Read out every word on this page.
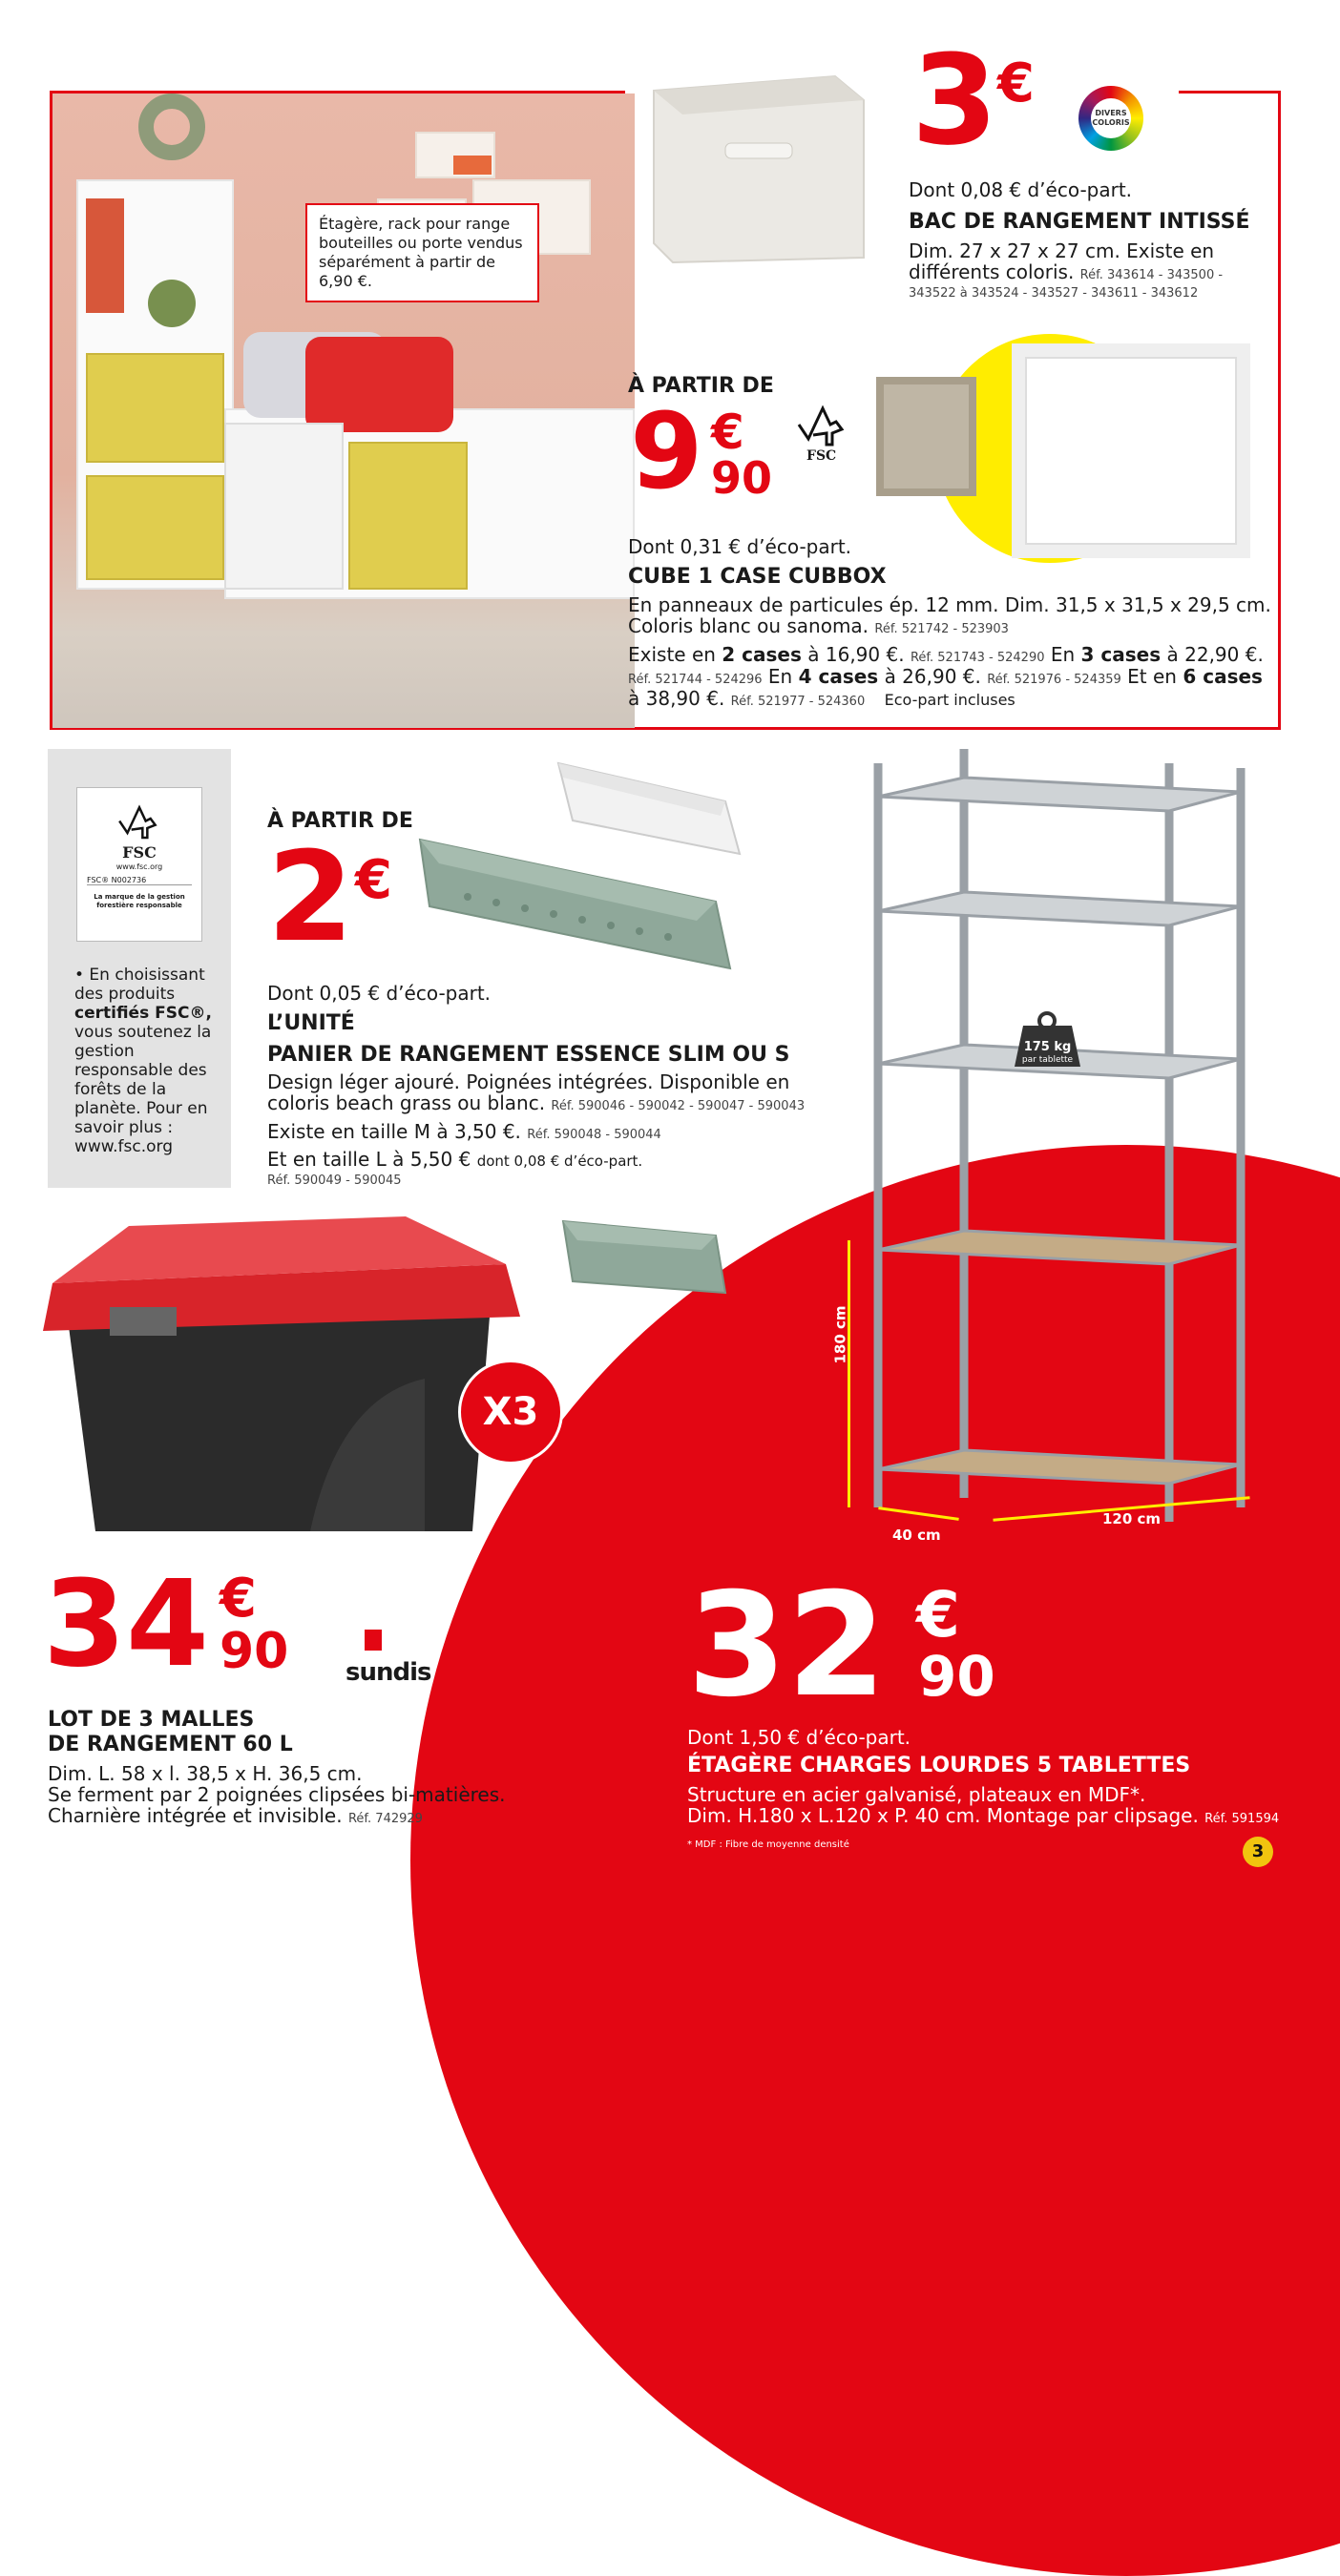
Étagère, rack pour range bouteilles ou porte vendus séparément à partir de 6,90 €.
3 €	DIVERS COLORIS
Dont 0,08 € d’éco-part.
BAC DE RANGEMENT INTISSÉ
Dim. 27 x 27 x 27 cm. Existe en
différents coloris. Réf. 343614 - 343500 -
343522 à 343524 - 343527 - 343611 - 343612
À PARTIR DE
9 €
90	FSC
Dont 0,31 € d’éco-part.
CUBE 1 CASE CUBBOX
En panneaux de particules ép. 12 mm. Dim. 31,5 x 31,5 x 29,5 cm.
Coloris blanc ou sanoma. Réf. 521742 - 523903
Existe en 2 cases à 16,90 €. Réf. 521743 - 524290 En 3 cases à 22,90 €.
Réf. 521744 - 524296 En 4 cases à 26,90 €. Réf. 521976 - 524359 Et en 6 cases
à 38,90 €. Réf. 521977 - 524360 Eco-part incluses
FSC
www.fsc.org
FSC® N002736
La marque de la gestion forestière responsable
• En choisissant des produits certifiés FSC®, vous soutenez la gestion responsable des forêts de la planète. Pour en savoir plus : www.fsc.org
À PARTIR DE
2 €
Dont 0,05 € d’éco-part.
L’UNITÉ
PANIER DE RANGEMENT ESSENCE SLIM OU S
Design léger ajouré. Poignées intégrées. Disponible en
coloris beach grass ou blanc. Réf. 590046 - 590042 - 590047 - 590043
Existe en taille M à 3,50 €. Réf. 590048 - 590044
Et en taille L à 5,50 € dont 0,08 € d’éco-part.
Réf. 590049 - 590045
X3
34 €
90 sundis
LOT DE 3 MALLES
DE RANGEMENT 60 L
Dim. L. 58 x l. 38,5 x H. 36,5 cm.
Se ferment par 2 poignées clipsées bi-matières.
Charnière intégrée et invisible. Réf. 742929
175 kg
par tablette
180 cm
40 cm
120 cm
32 €
90
Dont 1,50 € d’éco-part.
ÉTAGÈRE CHARGES LOURDES 5 TABLETTES
Structure en acier galvanisé, plateaux en MDF*.
Dim. H.180 x L.120 x P. 40 cm. Montage par clipsage. Réf. 591594
* MDF : Fibre de moyenne densité	3
